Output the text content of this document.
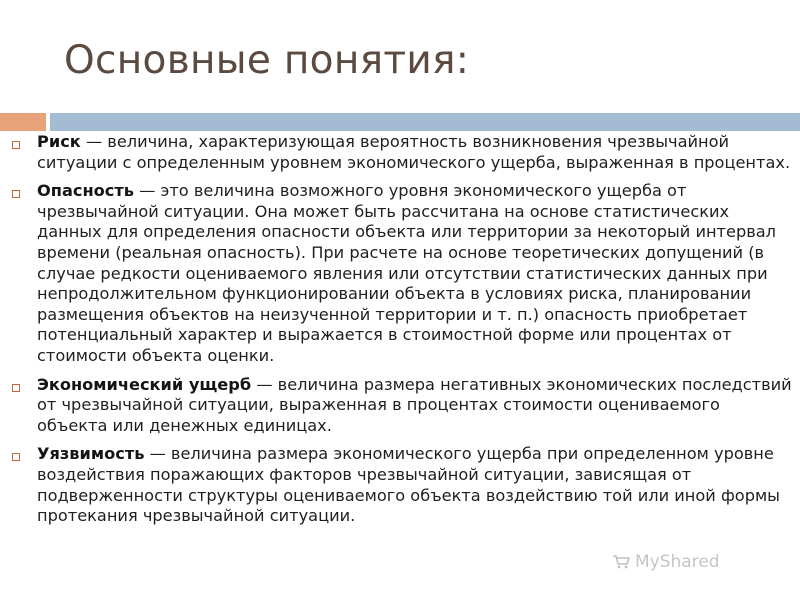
Основные понятия:
Риск — величина, характеризующая вероятность возникновения чрезвычайной ситуации с определенным уровнем экономического ущерба, выраженная в процентах.
Опасность — это величина возможного уровня экономического ущерба от чрезвычайной ситуации. Она может быть рассчитана на основе статистических данных для определения опасности объекта или территории за некоторый интервал времени (реальная опасность). При расчете на основе теоретических допущений (в случае редкости оцениваемого явления или отсутствии статистических данных при непродолжительном функционировании объекта в условиях риска, планировании размещения объектов на неизученной территории и т. п.) опасность приобретает потенциальный характер и выражается в стоимостной форме или процентах от стоимости объекта оценки.
Экономический ущерб — величина размера негативных экономических последствий от чрезвычайной ситуации, выраженная в процентах стоимости оцениваемого объекта или денежных единицах.
Уязвимость — величина размера экономического ущерба при определенном уровне воздействия поражающих факторов чрезвычайной ситуации, зависящая от подверженности структуры оцениваемого объекта воздействию той или иной формы протекания чрезвычайной ситуации.
MyShared
